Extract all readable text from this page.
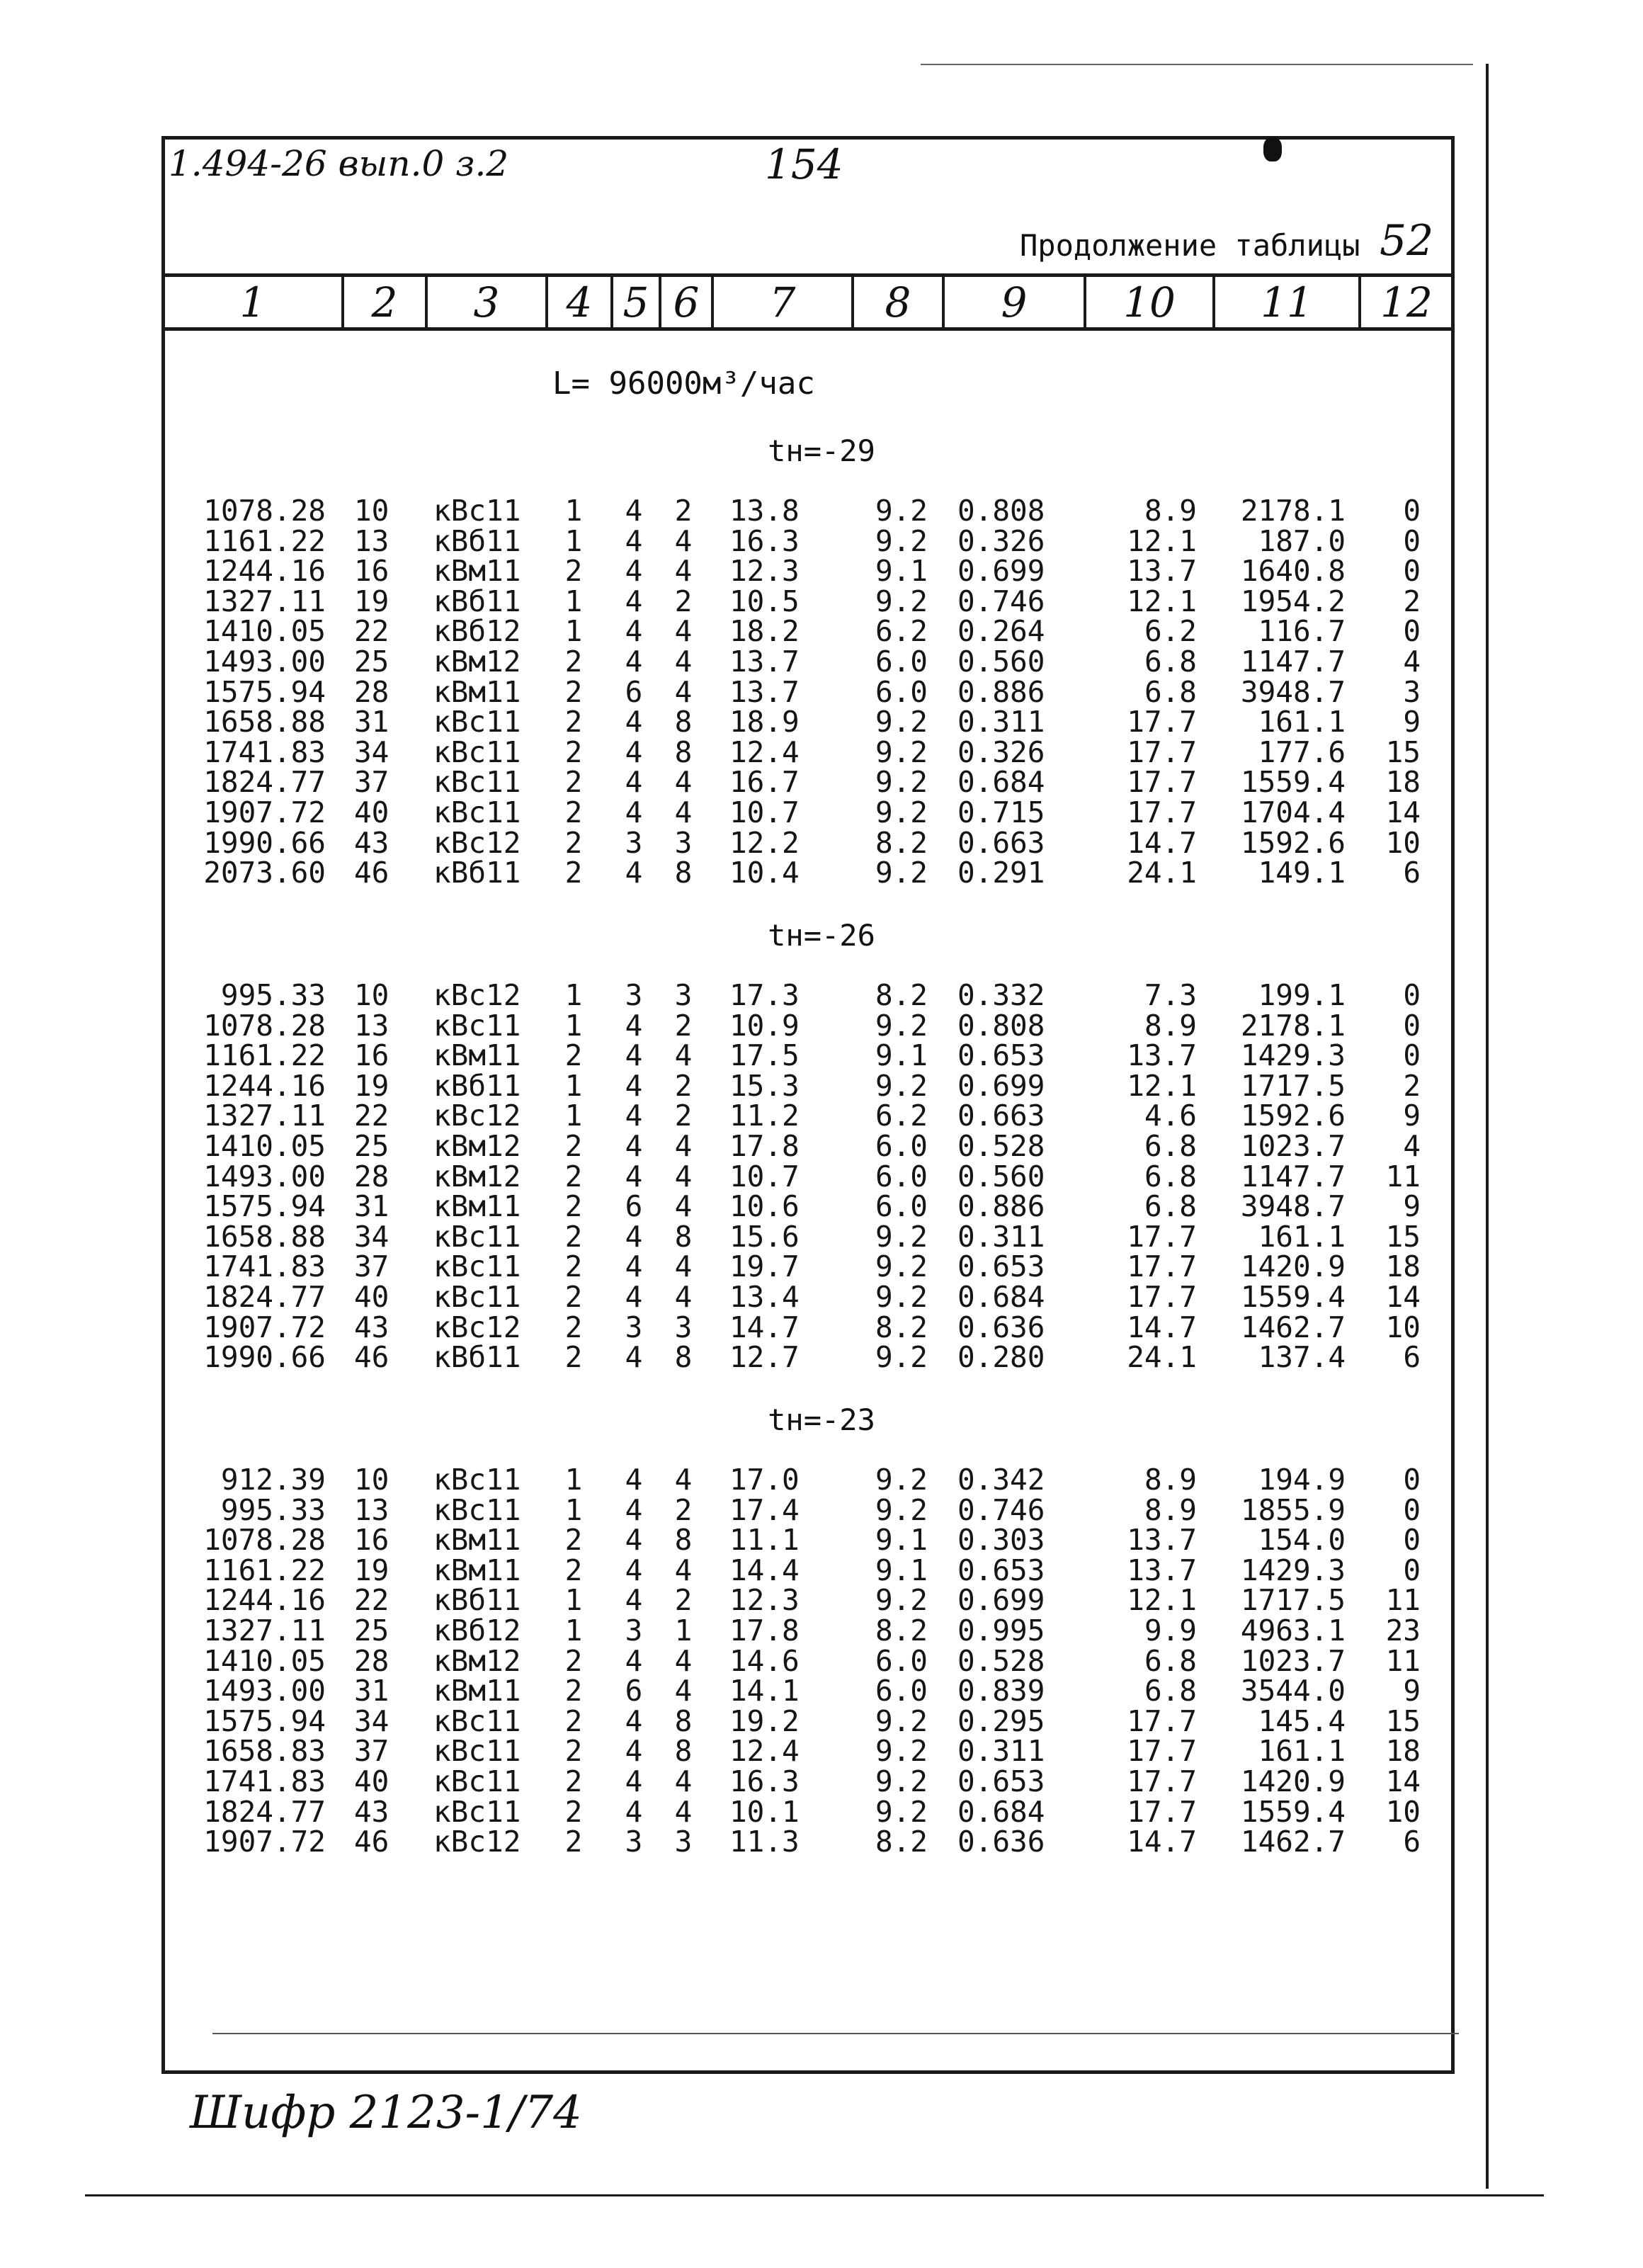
1.494-26 вып.0 з.2	154
Продолжение таблицы 52
1	2	3	4 5 6	7	8	9	10	11	12
L= 96000м³/час
tн=-29
1078.28 10	кВс11	1	4	2	13.8	9.2 0.808	8.9	2178.1	0
1161.22 13	кВб11	1	4	4	16.3	9.2 0.326	12.1	187.0	0
1244.16 16	кВм11	2	4	4	12.3	9.1 0.699	13.7	1640.8	0
1327.11 19	кВб11	1	4	2	10.5	9.2 0.746	12.1	1954.2	2
1410.05 22	кВб12	1	4	4	18.2	6.2 0.264	6.2	116.7	0
1493.00 25	кВм12	2	4	4	13.7	6.0 0.560	6.8	1147.7	4
1575.94 28	кВм11	2	6	4	13.7	6.0 0.886	6.8	3948.7	3
1658.88 31	кВс11	2	4	8	18.9	9.2 0.311	17.7	161.1	9
1741.83 34	кВс11	2	4	8	12.4	9.2 0.326	17.7	177.6	15
1824.77 37	кВс11	2	4	4	16.7	9.2 0.684	17.7	1559.4	18
1907.72 40	кВс11	2	4	4	10.7	9.2 0.715	17.7	1704.4	14
1990.66 43	кВс12	2	3	3	12.2	8.2 0.663	14.7	1592.6	10
2073.60 46	кВб11	2	4	8	10.4	9.2 0.291	24.1	149.1	6
tн=-26
995.33 10	кВс12	1	3	3	17.3	8.2 0.332	7.3	199.1	0
1078.28 13	кВс11	1	4	2	10.9	9.2 0.808	8.9	2178.1	0
1161.22 16	кВм11	2	4	4	17.5	9.1 0.653	13.7	1429.3	0
1244.16 19	кВб11	1	4	2	15.3	9.2 0.699	12.1	1717.5	2
1327.11 22	кВс12	1	4	2	11.2	6.2 0.663	4.6	1592.6	9
1410.05 25	кВм12	2	4	4	17.8	6.0 0.528	6.8	1023.7	4
1493.00 28	кВм12	2	4	4	10.7	6.0 0.560	6.8	1147.7	11
1575.94 31	кВм11	2	6	4	10.6	6.0 0.886	6.8	3948.7	9
1658.88 34	кВс11	2	4	8	15.6	9.2 0.311	17.7	161.1	15
1741.83 37	кВс11	2	4	4	19.7	9.2 0.653	17.7	1420.9	18
1824.77 40	кВс11	2	4	4	13.4	9.2 0.684	17.7	1559.4	14
1907.72 43	кВс12	2	3	3	14.7	8.2 0.636	14.7	1462.7	10
1990.66 46	кВб11	2	4	8	12.7	9.2 0.280	24.1	137.4	6
tн=-23
912.39 10	кВс11	1	4	4	17.0	9.2 0.342	8.9	194.9	0
995.33 13	кВс11	1	4	2	17.4	9.2 0.746	8.9	1855.9	0
1078.28 16	кВм11	2	4	8	11.1	9.1 0.303	13.7	154.0	0
1161.22 19	кВм11	2	4	4	14.4	9.1 0.653	13.7	1429.3	0
1244.16 22	кВб11	1	4	2	12.3	9.2 0.699	12.1	1717.5	11
1327.11 25	кВб12	1	3	1	17.8	8.2 0.995	9.9	4963.1	23
1410.05 28	кВм12	2	4	4	14.6	6.0 0.528	6.8	1023.7	11
1493.00 31	кВм11	2	6	4	14.1	6.0 0.839	6.8	3544.0	9
1575.94 34	кВс11	2	4	8	19.2	9.2 0.295	17.7	145.4	15
1658.83 37	кВс11	2	4	8	12.4	9.2 0.311	17.7	161.1	18
1741.83 40	кВс11	2	4	4	16.3	9.2 0.653	17.7	1420.9	14
1824.77 43	кВс11	2	4	4	10.1	9.2 0.684	17.7	1559.4	10
1907.72 46	кВс12	2	3	3	11.3	8.2 0.636	14.7	1462.7	6
Шифр 2123-1/74
